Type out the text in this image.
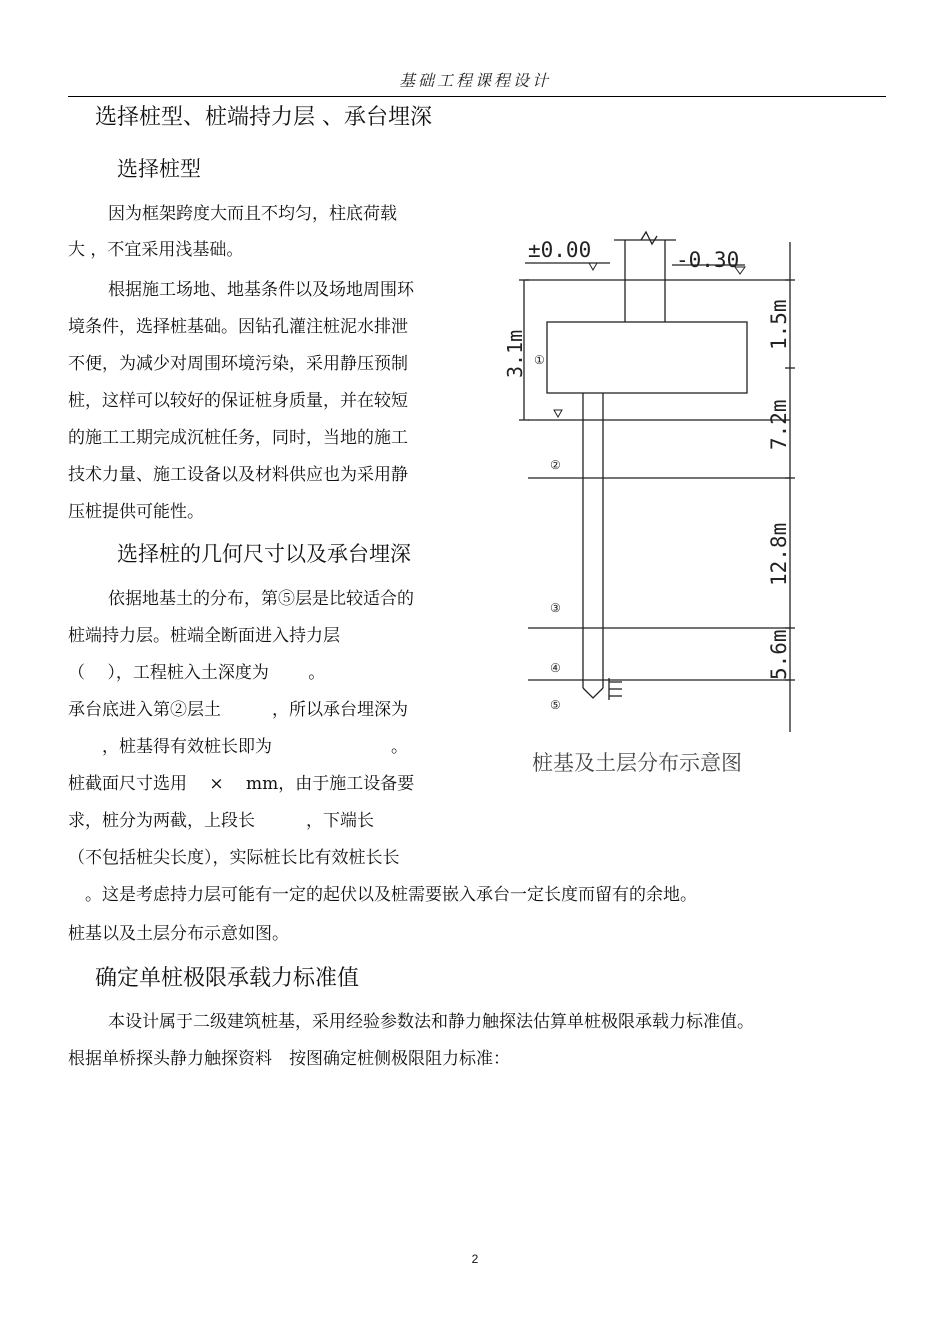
基础工程课程设计
选择桩型、桩端持力层 、承台埋深
选择桩型
因为框架跨度大而且不均匀，柱底荷载
大 ，不宜采用浅基础。
根据施工场地、地基条件以及场地周围环
境条件，选择桩基础。因钻孔灌注桩泥水排泄
不便，为减少对周围环境污染，采用静压预制
桩，这样可以较好的保证桩身质量，并在较短
的施工工期完成沉桩任务，同时，当地的施工
技术力量、施工设备以及材料供应也为采用静
压桩提供可能性。
选择桩的几何尺寸以及承台埋深
依据地基土的分布，第⑤层是比较适合的
桩端持力层。桩端全断面进入持力层
（　 ），工程桩入土深度为　　 。
承台底进入第②层土　　　，所以承台埋深为
　　，桩基得有效桩长即为　　　　　　　。
桩截面尺寸选用　 ×　 mm，由于施工设备要
求，桩分为两截，上段长　　　，下端长
（不包括桩尖长度），实际桩长比有效桩长长
　。这是考虑持力层可能有一定的起伏以及桩需要嵌入承台一定长度而留有的余地。
桩基以及土层分布示意如图。
确定单桩极限承载力标准值
本设计属于二级建筑桩基，采用经验参数法和静力触探法估算单桩极限承载力标准值。
根据单桥探头静力触探资料　按图确定桩侧极限阻力标准：
±0.00	-0.30
3.1m
1.5m
7.2m
12.8m
5.6m
①
②
③
④
⑤
桩基及土层分布示意图
2
